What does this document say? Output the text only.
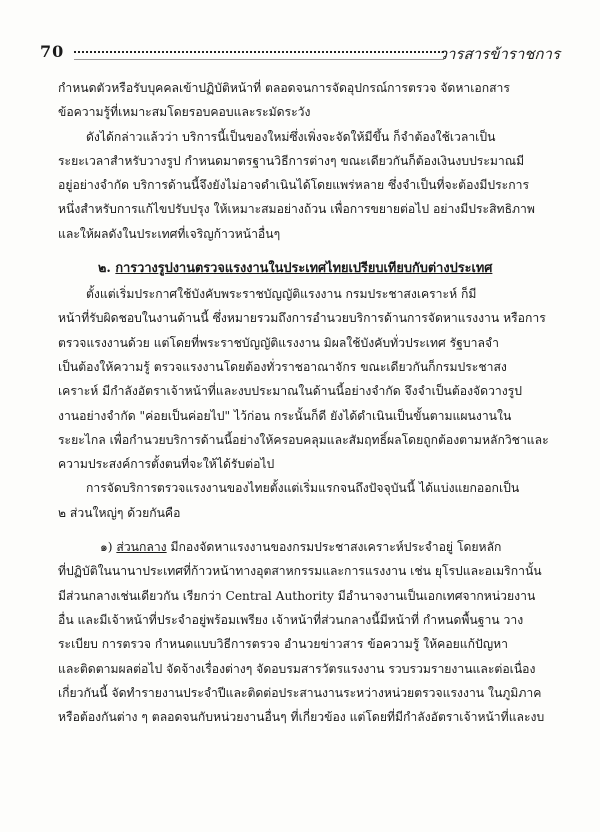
70	วารสารข้าราชการ
กำหนดตัวหรือรับบุคคลเข้าปฏิบัติหน้าที่ ตลอดจนการจัดอุปกรณ์การตรวจ จัดหาเอกสาร
ข้อความรู้ที่เหมาะสมโดยรอบคอบและระมัดระวัง
ดังได้กล่าวแล้วว่า บริการนี้เป็นของใหม่ซึ่งเพิ่งจะจัดให้มีขึ้น ก็จำต้องใช้เวลาเป็น
ระยะเวลาสำหรับวางรูป กำหนดมาตรฐานวิธีการต่างๆ ขณะเดียวกันก็ต้องเงินงบประมาณมี
อยู่อย่างจำกัด บริการด้านนี้จึงยังไม่อาจดำเนินได้โดยแพร่หลาย ซึ่งจำเป็นที่จะต้องมีประการ
หนึ่งสำหรับการแก้ไขปรับปรุง ให้เหมาะสมอย่างถ้วน เพื่อการขยายต่อไป อย่างมีประสิทธิภาพ
และให้ผลดังในประเทศที่เจริญก้าวหน้าอื่นๆ
๒. การวางรูปงานตรวจแรงงานในประเทศไทยเปรียบเทียบกับต่างประเทศ
ตั้งแต่เริ่มประกาศใช้บังคับพระราชบัญญัติแรงงาน กรมประชาสงเคราะห์ ก็มี
หน้าที่รับผิดชอบในงานด้านนี้ ซึ่งหมายรวมถึงการอำนวยบริการด้านการจัดหาแรงงาน หรือการ
ตรวจแรงงานด้วย แต่โดยที่พระราชบัญญัติแรงงาน มิผลใช้บังคับทั่วประเทศ รัฐบาลจำ
เป็นต้องให้ความรู้ ตรวจแรงงานโดยต้องทั่วราชอาณาจักร ขณะเดียวกันก็กรมประชาสง
เคราะห์ มีกำลังอัตราเจ้าหน้าที่และงบประมาณในด้านนี้อย่างจำกัด จึงจำเป็นต้องจัดวางรูป
งานอย่างจำกัด "ค่อยเป็นค่อยไป" ไว้ก่อน กระนั้นก็ดี ยังได้ดำเนินเป็นขั้นตามแผนงานใน
ระยะไกล เพื่อกำนวยบริการด้านนี้อย่างให้ครอบคลุมและสัมฤทธิ์ผลโดยถูกต้องตามหลักวิชาและ
ความประสงค์การตั้งตนที่จะให้ได้รับต่อไป
การจัดบริการตรวจแรงงานของไทยตั้งแต่เริ่มแรกจนถึงปัจจุบันนี้ ได้แบ่งแยกออกเป็น
๒ ส่วนใหญ่ๆ ด้วยกันคือ
๑) ส่วนกลาง มีกองจัดหาแรงงานของกรมประชาสงเคราะห์ประจำอยู่ โดยหลัก
ที่ปฏิบัติในนานาประเทศที่ก้าวหน้าทางอุตสาหกรรมและการแรงงาน เช่น ยุโรปและอเมริกานั้น
มีส่วนกลางเช่นเดียวกัน เรียกว่า Central Authority มีอำนาจงานเป็นเอกเทศจากหน่วยงาน
อื่น และมีเจ้าหน้าที่ประจำอยู่พร้อมเพรียง เจ้าหน้าที่ส่วนกลางนี้มีหน้าที่ กำหนดพื้นฐาน วาง
ระเบียบ การตรวจ กำหนดแบบวิธีการตรวจ อำนวยข่าวสาร ข้อความรู้ ให้คอยแก้ปัญหา
และติดตามผลต่อไป จัดจ้างเรื่องต่างๆ จัดอบรมสารวัตรแรงงาน รวบรวมรายงานและต่อเนื่อง
เกี่ยวกันนี้ จัดทำรายงานประจำปีและติดต่อประสานงานระหว่างหน่วยตรวจแรงงาน ในภูมิภาค
หรือต้องกันต่าง ๆ ตลอดจนกับหน่วยงานอื่นๆ ที่เกี่ยวข้อง แต่โดยที่มีกำลังอัตราเจ้าหน้าที่และงบ
